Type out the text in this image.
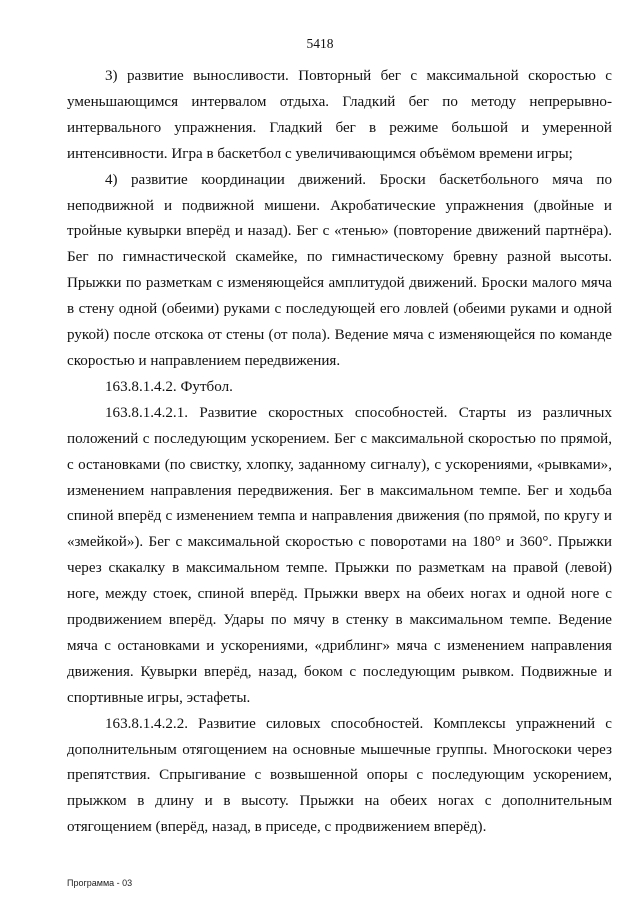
5418

3) развитие выносливости. Повторный бег с максимальной скоростью с уменьшающимся интервалом отдыха. Гладкий бег по методу непрерывно-интервального упражнения. Гладкий бег в режиме большой и умеренной интенсивности. Игра в баскетбол с увеличивающимся объёмом времени игры;

4) развитие координации движений. Броски баскетбольного мяча по неподвижной и подвижной мишени. Акробатические упражнения (двойные и тройные кувырки вперёд и назад). Бег с «тенью» (повторение движений партнёра). Бег по гимнастической скамейке, по гимнастическому бревну разной высоты. Прыжки по разметкам с изменяющейся амплитудой движений. Броски малого мяча в стену одной (обеими) руками с последующей его ловлей (обеими руками и одной рукой) после отскока от стены (от пола). Ведение мяча с изменяющейся по команде скоростью и направлением передвижения.

163.8.1.4.2. Футбол.

163.8.1.4.2.1. Развитие скоростных способностей. Старты из различных положений с последующим ускорением. Бег с максимальной скоростью по прямой, с остановками (по свистку, хлопку, заданному сигналу), с ускорениями, «рывками», изменением направления передвижения. Бег в максимальном темпе. Бег и ходьба спиной вперёд с изменением темпа и направления движения (по прямой, по кругу и «змейкой»). Бег с максимальной скоростью с поворотами на 180° и 360°. Прыжки через скакалку в максимальном темпе. Прыжки по разметкам на правой (левой) ноге, между стоек, спиной вперёд. Прыжки вверх на обеих ногах и одной ноге с продвижением вперёд. Удары по мячу в стенку в максимальном темпе. Ведение мяча с остановками и ускорениями, «дриблинг» мяча с изменением направления движения. Кувырки вперёд, назад, боком с последующим рывком. Подвижные и спортивные игры, эстафеты.

163.8.1.4.2.2. Развитие силовых способностей. Комплексы упражнений с дополнительным отягощением на основные мышечные группы. Многоскоки через препятствия. Спрыгивание с возвышенной опоры с последующим ускорением, прыжком в длину и в высоту. Прыжки на обеих ногах с дополнительным отягощением (вперёд, назад, в приседе, с продвижением вперёд).

Программа - 03
